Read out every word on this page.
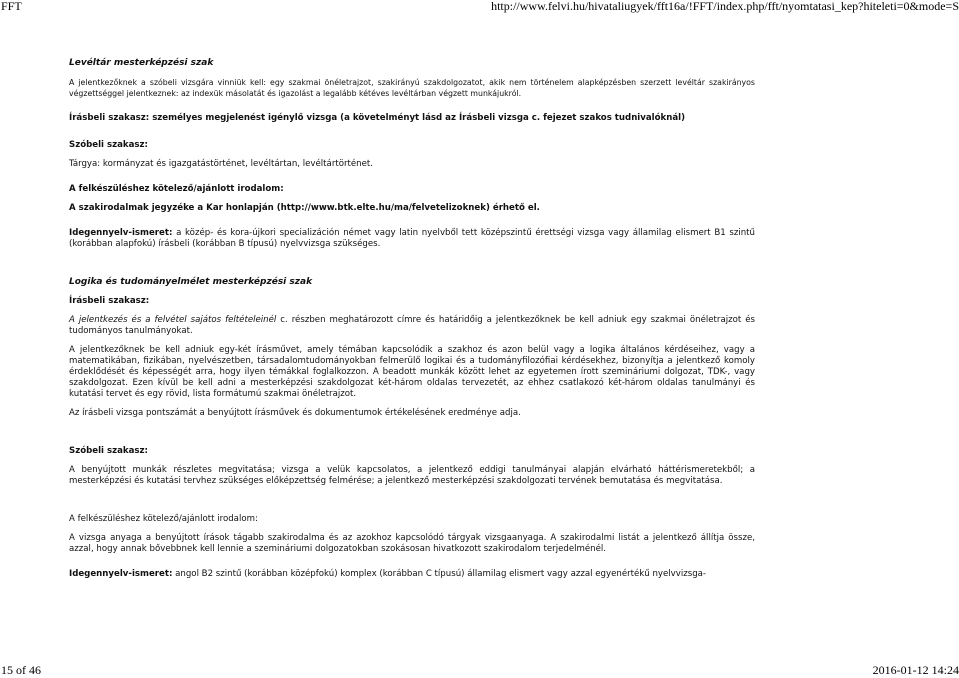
FFT	http://www.felvi.hu/hivataliugyek/fft16a/!FFT/index.php/fft/nyomtatasi_kep?hiteleti=0&mode=S

Levéltár mesterképzési szak

A jelentkezőknek a szóbeli vizsgára vinniük kell: egy szakmai önéletrajzot, szakirányú szakdolgozatot, akik nem történelem alapképzésben szerzett levéltár szakirányos végzettséggel jelentkeznek: az indexük másolatát és igazolást a legalább kétéves levéltárban végzett munkájukról.

Írásbeli szakasz: személyes megjelenést igénylő vizsga (a követelményt lásd az Írásbeli vizsga c. fejezet szakos tudnivalóknál)

Szóbeli szakasz:

Tárgya: kormányzat és igazgatástörténet, levéltártan, levéltártörténet.

A felkészüléshez kötelező/ajánlott irodalom:

A szakirodalmak jegyzéke a Kar honlapján (http://www.btk.elte.hu/ma/felvetelizoknek) érhető el.

Idegennyelv-ismeret: a közép- és kora-újkori specializáción német vagy latin nyelvből tett középszintű érettségi vizsga vagy államilag elismert B1 szintű (korábban alapfokú) írásbeli (korábban B típusú) nyelvvizsga szükséges.

Logika és tudományelmélet mesterképzési szak

Írásbeli szakasz:

A jelentkezés és a felvétel sajátos feltételeinél c. részben meghatározott címre és határidőig a jelentkezőknek be kell adniuk egy szakmai önéletrajzot és tudományos tanulmányokat.

A jelentkezőknek be kell adniuk egy-két írásművet, amely témában kapcsolódik a szakhoz és azon belül vagy a logika általános kérdéseihez, vagy a matematikában, fizikában, nyelvészetben, társadalomtudományokban felmerülő logikai és a tudományfilozófiai kérdésekhez, bizonyítja a jelentkező komoly érdeklődését és képességét arra, hogy ilyen témákkal foglalkozzon. A beadott munkák között lehet az egyetemen írott szemináriumi dolgozat, TDK-, vagy szakdolgozat. Ezen kívül be kell adni a mesterképzési szakdolgozat két-három oldalas tervezetét, az ehhez csatlakozó két-három oldalas tanulmányi és kutatási tervet és egy rövid, lista formátumú szakmai önéletrajzot.

Az írásbeli vizsga pontszámát a benyújtott írásművek és dokumentumok értékelésének eredménye adja.

Szóbeli szakasz:

A benyújtott munkák részletes megvitatása; vizsga a velük kapcsolatos, a jelentkező eddigi tanulmányai alapján elvárható háttérismeretekből; a mesterképzési és kutatási tervhez szükséges előképzettség felmérése; a jelentkező mesterképzési szakdolgozati tervének bemutatása és megvitatása.

A felkészüléshez kötelező/ajánlott irodalom:

A vizsga anyaga a benyújtott írások tágabb szakirodalma és az azokhoz kapcsolódó tárgyak vizsgaanyaga. A szakirodalmi listát a jelentkező állítja össze, azzal, hogy annak bővebbnek kell lennie a szemináriumi dolgozatokban szokásosan hivatkozott szakirodalom terjedelménél.

Idegennyelv-ismeret: angol B2 szintű (korábban középfokú) komplex (korábban C típusú) államilag elismert vagy azzal egyenértékű nyelvvizsga-

15 of 46	2016-01-12 14:24
